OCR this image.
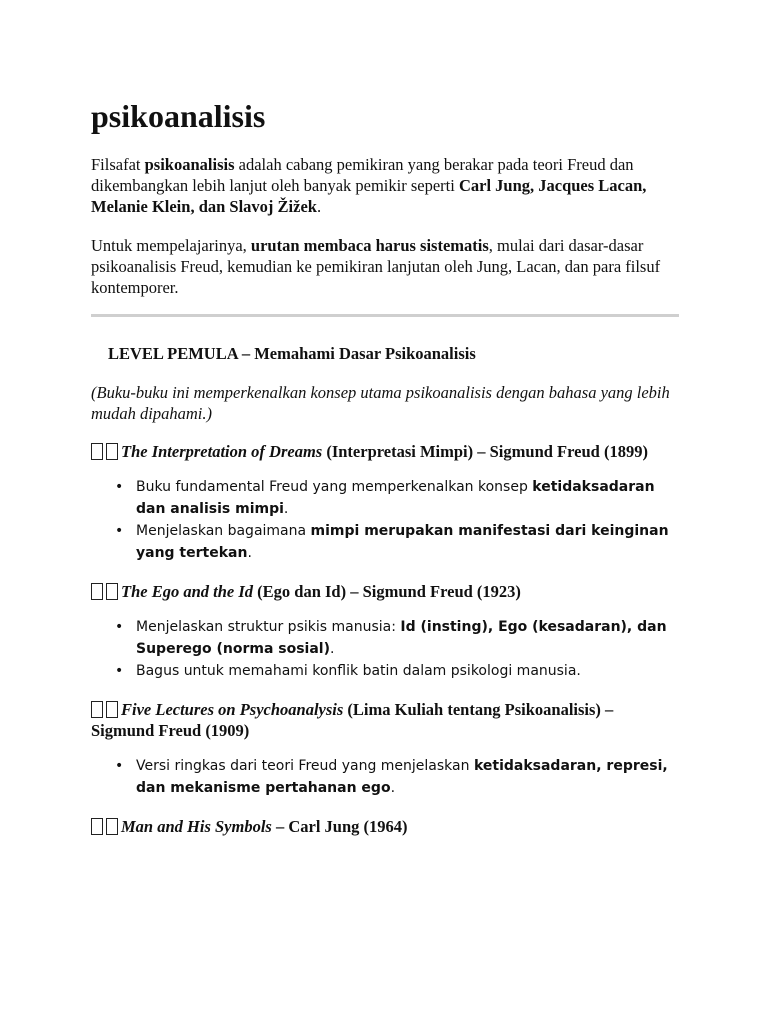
psikoanalisis

Filsafat psikoanalisis adalah cabang pemikiran yang berakar pada teori Freud dan dikembangkan lebih lanjut oleh banyak pemikir seperti Carl Jung, Jacques Lacan, Melanie Klein, dan Slavoj Žižek.

Untuk mempelajarinya, urutan membaca harus sistematis, mulai dari dasar-dasar psikoanalisis Freud, kemudian ke pemikiran lanjutan oleh Jung, Lacan, dan para filsuf kontemporer.

LEVEL PEMULA – Memahami Dasar Psikoanalisis

(Buku-buku ini memperkenalkan konsep utama psikoanalisis dengan bahasa yang lebih mudah dipahami.)

The Interpretation of Dreams (Interpretasi Mimpi) – Sigmund Freud (1899)
• Buku fundamental Freud yang memperkenalkan konsep ketidaksadaran dan analisis mimpi.
• Menjelaskan bagaimana mimpi merupakan manifestasi dari keinginan yang tertekan.
The Ego and the Id (Ego dan Id) – Sigmund Freud (1923)
• Menjelaskan struktur psikis manusia: Id (insting), Ego (kesadaran), dan Superego (norma sosial).
• Bagus untuk memahami konflik batin dalam psikologi manusia.
Five Lectures on Psychoanalysis (Lima Kuliah tentang Psikoanalisis) – Sigmund Freud (1909)
• Versi ringkas dari teori Freud yang menjelaskan ketidaksadaran, represi, dan mekanisme pertahanan ego.
Man and His Symbols – Carl Jung (1964)
